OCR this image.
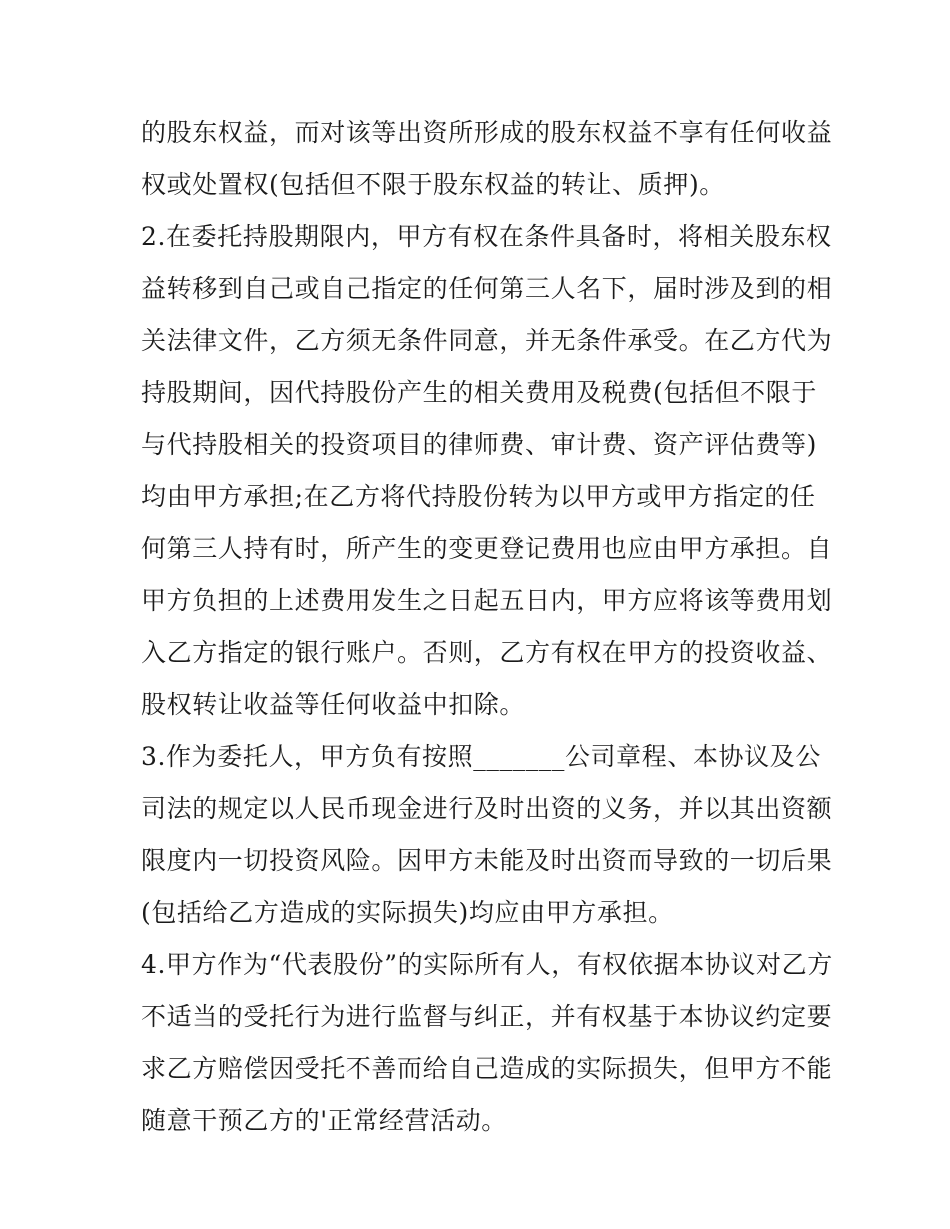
的股东权益，而对该等出资所形成的股东权益不享有任何收益
权或处置权(包括但不限于股东权益的转让、质押)。
2.在委托持股期限内，甲方有权在条件具备时，将相关股东权
益转移到自己或自己指定的任何第三人名下，届时涉及到的相
关法律文件，乙方须无条件同意，并无条件承受。在乙方代为
持股期间，因代持股份产生的相关费用及税费(包括但不限于
与代持股相关的投资项目的律师费、审计费、资产评估费等)
均由甲方承担;在乙方将代持股份转为以甲方或甲方指定的任
何第三人持有时，所产生的变更登记费用也应由甲方承担。自
甲方负担的上述费用发生之日起五日内，甲方应将该等费用划
入乙方指定的银行账户。否则，乙方有权在甲方的投资收益、
股权转让收益等任何收益中扣除。
3.作为委托人，甲方负有按照_______公司章程、本协议及公
司法的规定以人民币现金进行及时出资的义务，并以其出资额
限度内一切投资风险。因甲方未能及时出资而导致的一切后果
(包括给乙方造成的实际损失)均应由甲方承担。
4.甲方作为“代表股份”的实际所有人，有权依据本协议对乙方
不适当的受托行为进行监督与纠正，并有权基于本协议约定要
求乙方赔偿因受托不善而给自己造成的实际损失，但甲方不能
随意干预乙方的'正常经营活动。
